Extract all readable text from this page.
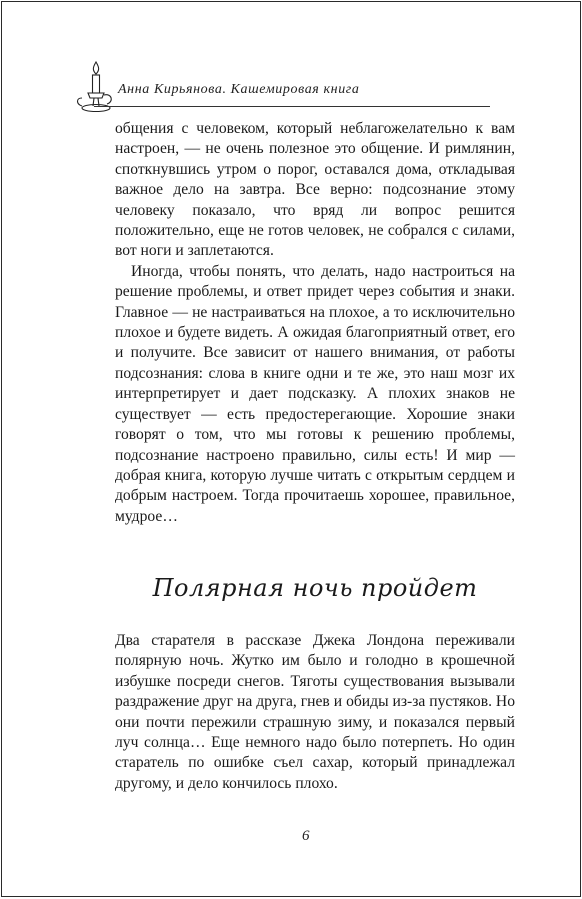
Анна Кирьянова. Кашемировая книга

общения с человеком, который неблагожелательно к вам настроен, — не очень полезное это общение. И римлянин, споткнувшись утром о порог, оставался дома, откладывая важное дело на завтра. Все верно: подсознание этому человеку показало, что вряд ли вопрос решится положительно, еще не готов человек, не собрался с силами, вот ноги и заплетаются.

Иногда, чтобы понять, что делать, надо настроиться на решение проблемы, и ответ придет через события и знаки. Главное — не настраиваться на плохое, а то исключительно плохое и будете видеть. А ожидая благоприятный ответ, его и получите. Все зависит от нашего внимания, от работы подсознания: слова в книге одни и те же, это наш мозг их интерпретирует и дает подсказку. А плохих знаков не существует — есть предостерегающие. Хорошие знаки говорят о том, что мы готовы к решению проблемы, подсознание настроено правильно, силы есть! И мир — добрая книга, которую лучше читать с открытым сердцем и добрым настроем. Тогда прочитаешь хорошее, правильное, мудрое…

Полярная ночь пройдет

Два старателя в рассказе Джека Лондона переживали полярную ночь. Жутко им было и голодно в крошечной избушке посреди снегов. Тяготы существования вызывали раздражение друг на друга, гнев и обиды из-за пустяков. Но они почти пережили страшную зиму, и показался первый луч солнца… Еще немного надо было потерпеть. Но один старатель по ошибке съел сахар, который принадлежал другому, и дело кончилось плохо.

6
